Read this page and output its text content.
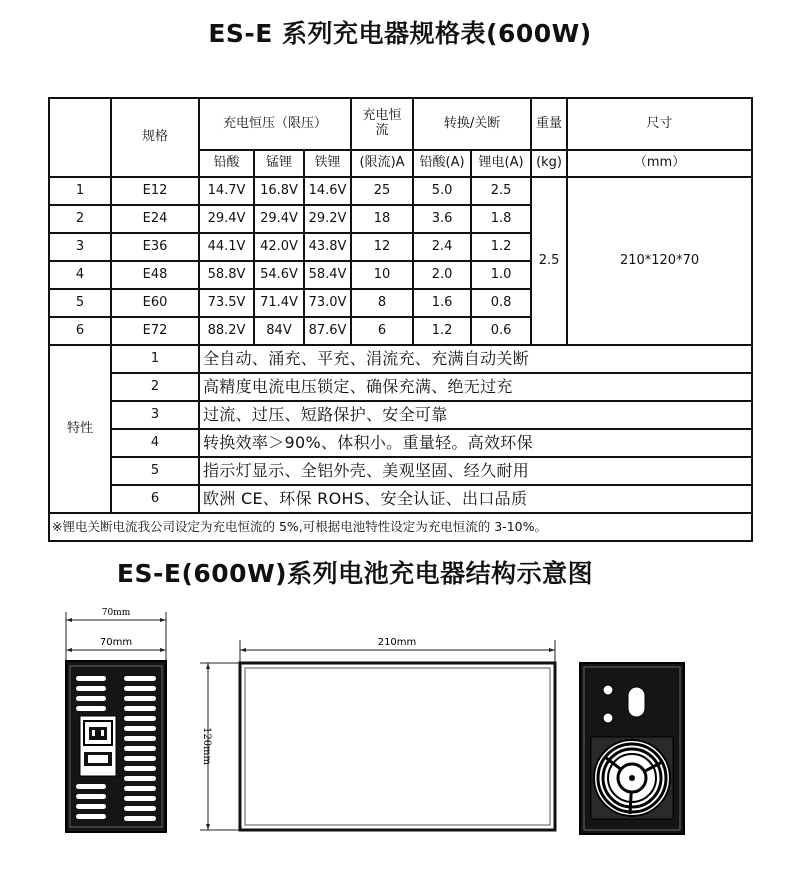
ES-E 系列充电器规格表(600W)
	规格	充电恒压（限压）			充电恒
流	转换/关断		重量	尺寸
		铅酸	锰锂	铁锂	(限流)A	铅酸(A)	锂电(A)	(kg)	（mm）
1	E12	14.7V	16.8V	14.6V	25	5.0	2.5	2.5	210*120*70
2	E24	29.4V	29.4V	29.2V	18	3.6	1.8		
3	E36	44.1V	42.0V	43.8V	12	2.4	1.2		
4	E48	58.8V	54.6V	58.4V	10	2.0	1.0		
5	E60	73.5V	71.4V	73.0V	8	1.6	0.8		
6	E72	88.2V	84V	87.6V	6	1.2	0.6		
特性	1	全自动、涌充、平充、涓流充、充满自动关断							
	2	高精度电流电压锁定、确保充满、绝无过充							
	3	过流、过压、短路保护、安全可靠							
	4	转换效率＞90%、体积小。重量轻。高效环保							
	5	指示灯显示、全铝外壳、美观坚固、经久耐用							
	6	欧洲 CE、环保 ROHS、安全认证、出口品质							
※锂电关断电流我公司设定为充电恒流的 5%,可根据电池特性设定为充电恒流的 3-10%。									
ES-E(600W)系列电池充电器结构示意图
70mm
70mm	210mm
120mm
